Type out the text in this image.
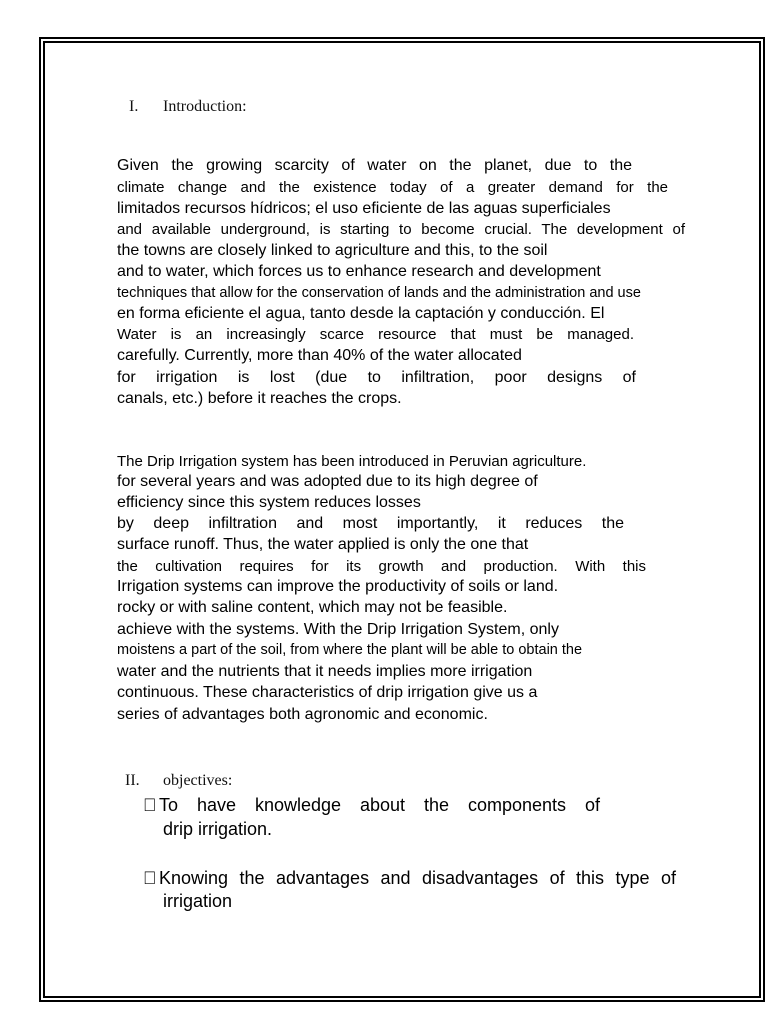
I. Introduction:
Given the growing scarcity of water on the planet, due to the
climate change and the existence today of a greater demand for the
limitados recursos hídricos; el uso eficiente de las aguas superficiales
and available underground, is starting to become crucial. The development of
the towns are closely linked to agriculture and this, to the soil
and to water, which forces us to enhance research and development
techniques that allow for the conservation of lands and the administration and use
en forma eficiente el agua, tanto desde la captación y conducción. El
Water is an increasingly scarce resource that must be managed.
carefully. Currently, more than 40% of the water allocated
for irrigation is lost (due to infiltration, poor designs of
canals, etc.) before it reaches the crops.
The Drip Irrigation system has been introduced in Peruvian agriculture.
for several years and was adopted due to its high degree of
efficiency since this system reduces losses
by deep infiltration and most importantly, it reduces the
surface runoff. Thus, the water applied is only the one that
the cultivation requires for its growth and production. With this
Irrigation systems can improve the productivity of soils or land.
rocky or with saline content, which may not be feasible.
achieve with the systems. With the Drip Irrigation System, only
moistens a part of the soil, from where the plant will be able to obtain the
water and the nutrients that it needs implies more irrigation
continuous. These characteristics of drip irrigation give us a
series of advantages both agronomic and economic.
II. objectives:
To have knowledge about the components of
drip irrigation.
Knowing the advantages and disadvantages of this type of
irrigation
